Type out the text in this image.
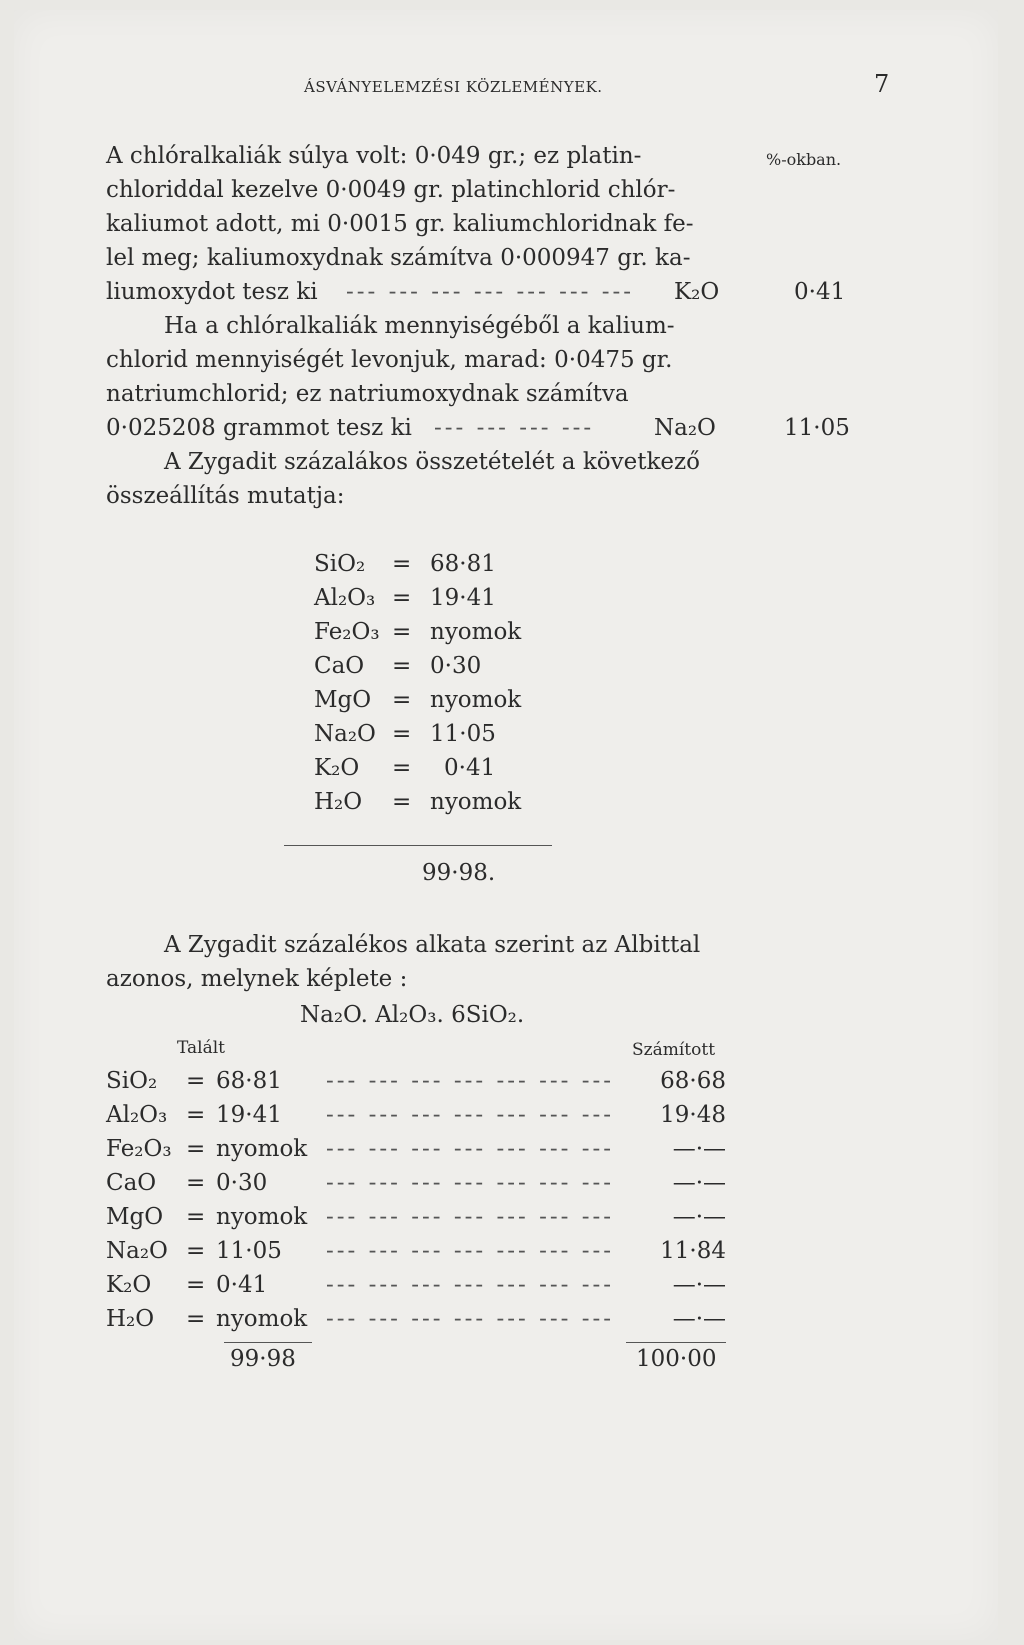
ÁSVÁNYELEMZÉSI KÖZLEMÉNYEK.	7
%-okban.
A chlóralkaliák súlya volt: 0·049 gr.; ez platin-
chloriddal kezelve 0·0049 gr. platinchlorid chlór-
kaliumot adott, mi 0·0015 gr. kaliumchloridnak fe-
lel meg; kaliumoxydnak számítva 0·000947 gr. ka-
liumoxydot tesz ki --- --- --- --- --- --- --- K₂O	0·41
Ha a chlóralkaliák mennyiségéből a kalium-
chlorid mennyiségét levonjuk, marad: 0·0475 gr.
natriumchlorid; ez natriumoxydnak számítva
0·025208 grammot tesz ki --- --- --- ---	Na₂O	11·05
A Zygadit százalákos összetételét a következő
összeállítás mutatja:
SiO₂ = 68·81
Al₂O₃ = 19·41
Fe₂O₃ = nyomok
CaO = 0·30
MgO = nyomok
Na₂O = 11·05
K₂O = 0·41
H₂O = nyomok
99·98.
A Zygadit százalékos alkata szerint az Albittal
azonos, melynek képlete :
Na₂O. Al₂O₃. 6SiO₂.
Talált	Számított
SiO₂ = 68·81 --- --- --- --- --- --- --- 68·68
Al₂O₃ = 19·41 --- --- --- --- --- --- --- 19·48
Fe₂O₃ = nyomok --- --- --- --- --- --- ---	—·—
CaO = 0·30	--- --- --- --- --- --- ---	—·—
MgO = nyomok --- --- --- --- --- --- ---	—·—
Na₂O = 11·05 --- --- --- --- --- --- --- 11·84
K₂O = 0·41	--- --- --- --- --- --- ---	—·—
H₂O = nyomok --- --- --- --- --- --- ---	—·—
99·98	100·00
